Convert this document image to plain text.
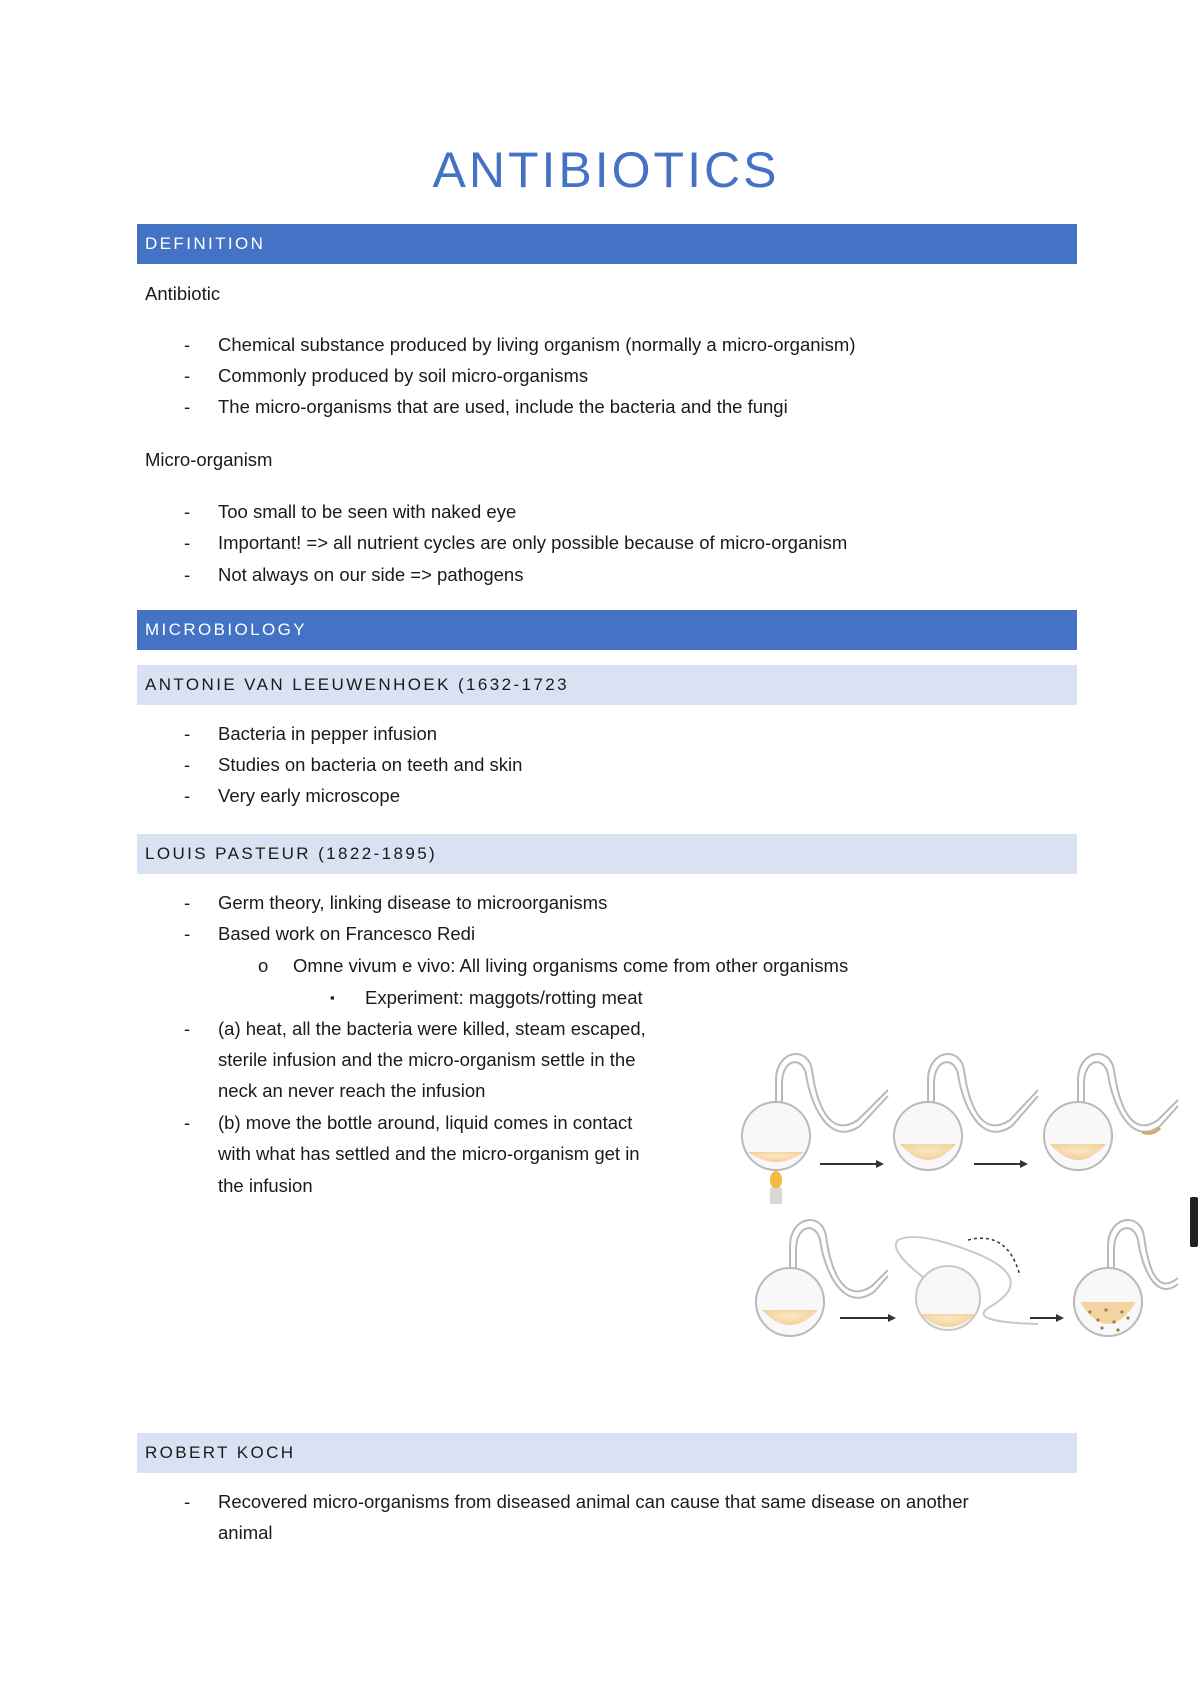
ANTIBIOTICS
DEFINITION
Antibiotic
- Chemical substance produced by living organism (normally a micro-organism)
- Commonly produced by soil micro-organisms
- The micro-organisms that are used, include the bacteria and the fungi
Micro-organism
- Too small to be seen with naked eye
- Important! => all nutrient cycles are only possible because of micro-organism
- Not always on our side => pathogens
MICROBIOLOGY
ANTONIE VAN LEEUWENHOEK (1632-1723
- Bacteria in pepper infusion
- Studies on bacteria on teeth and skin
- Very early microscope
LOUIS PASTEUR (1822-1895)
- Germ theory, linking disease to microorganisms
- Based work on Francesco Redi
o Omne vivum e vivo: All living organisms come from other organisms
▪ Experiment: maggots/rotting meat
- (a) heat, all the bacteria were killed, steam escaped,
sterile infusion and the micro-organism settle in the
neck an never reach the infusion
- (b) move the bottle around, liquid comes in contact
with what has settled and the micro-organism get in
the infusion
ROBERT KOCH
- Recovered micro-organisms from diseased animal can cause that same disease on another
animal
